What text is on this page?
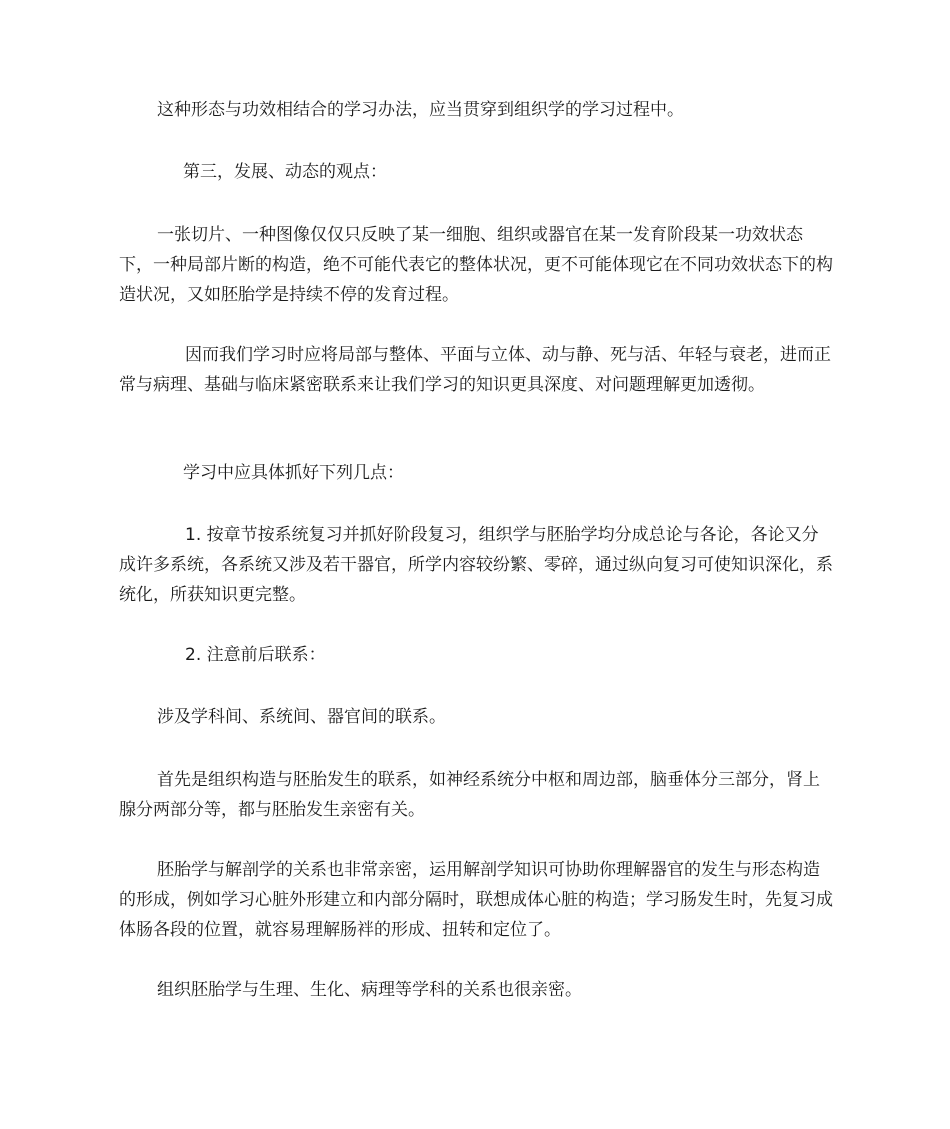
这种形态与功效相结合的学习办法，应当贯穿到组织学的学习过程中。

第三，发展、动态的观点：

一张切片、一种图像仅仅只反映了某一细胞、组织或器官在某一发育阶段某一功效状态下，一种局部片断的构造，绝不可能代表它的整体状况，更不可能体现它在不同功效状态下的构造状况，又如胚胎学是持续不停的发育过程。

因而我们学习时应将局部与整体、平面与立体、动与静、死与活、年轻与衰老，进而正常与病理、基础与临床紧密联系来让我们学习的知识更具深度、对问题理解更加透彻。

学习中应具体抓好下列几点：

1. 按章节按系统复习并抓好阶段复习，组织学与胚胎学均分成总论与各论，各论又分成许多系统，各系统又涉及若干器官，所学内容较纷繁、零碎，通过纵向复习可使知识深化，系统化，所获知识更完整。

2. 注意前后联系：

涉及学科间、系统间、器官间的联系。

首先是组织构造与胚胎发生的联系，如神经系统分中枢和周边部，脑垂体分三部分，肾上腺分两部分等，都与胚胎发生亲密有关。

胚胎学与解剖学的关系也非常亲密，运用解剖学知识可协助你理解器官的发生与形态构造的形成，例如学习心脏外形建立和内部分隔时，联想成体心脏的构造；学习肠发生时，先复习成体肠各段的位置，就容易理解肠袢的形成、扭转和定位了。

组织胚胎学与生理、生化、病理等学科的关系也很亲密。
